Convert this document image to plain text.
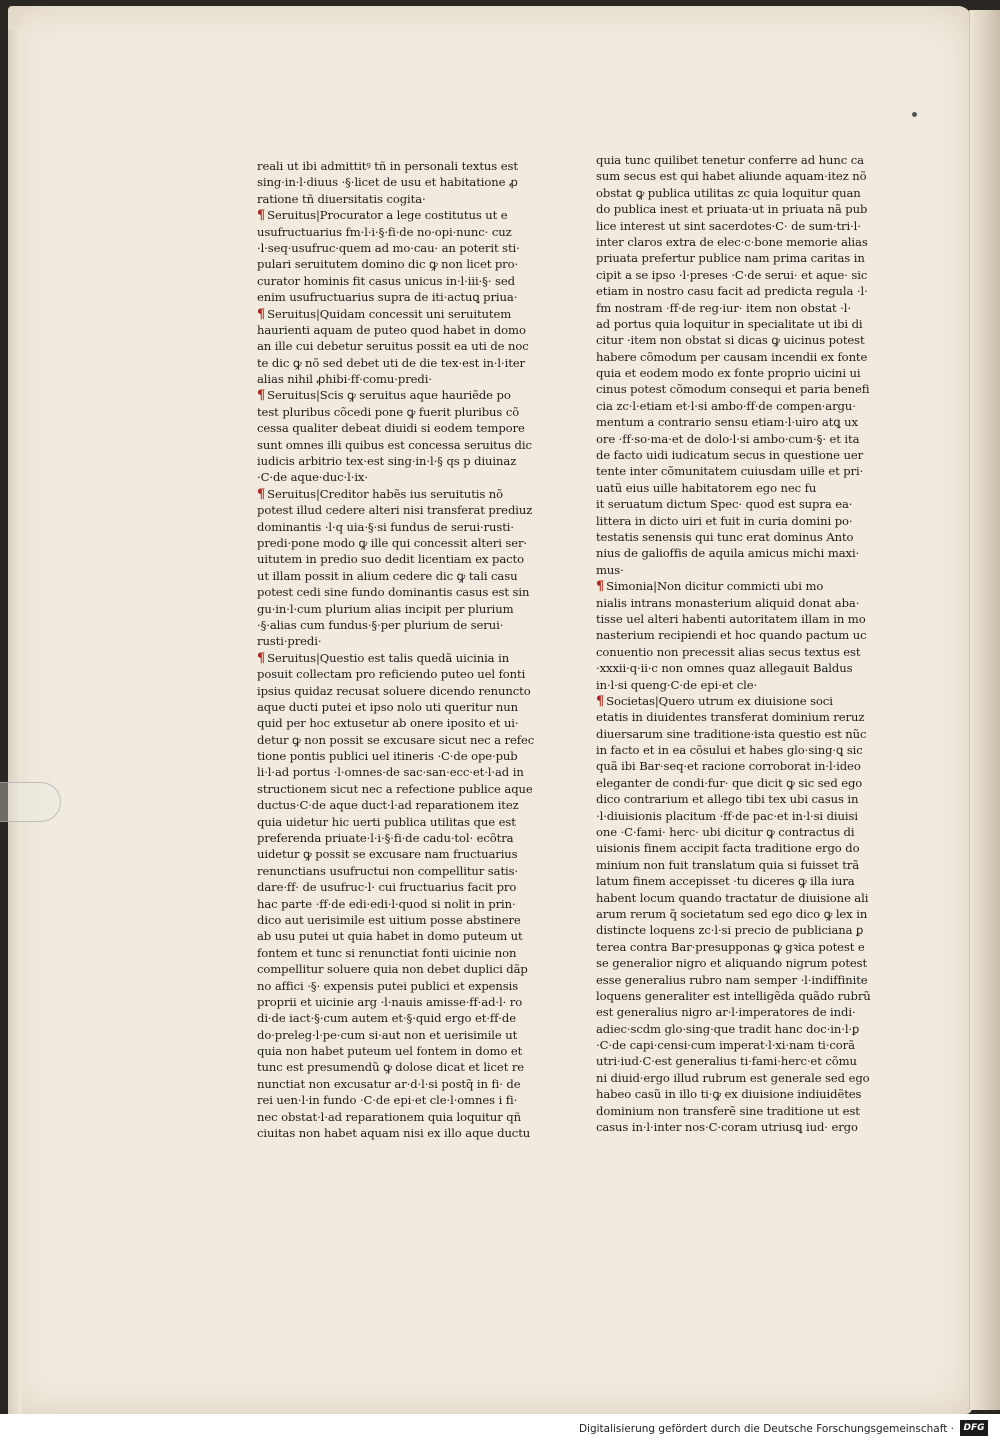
reali ut ibi admittitꝰ tñ in personali textus est
sing·in·l·diuus ·§·licet de usu et habitatione ꝓ
ratione tñ diuersitatis cogita·
¶ Seruitus|Procurator a lege costitutus ut e
usufructuarius fm·l·i·§·fi·de no·opi·nunc· cuz
·l·seq·usufruc·quem ad mo·cau· an poterit sti·
pulari seruitutem domino dic ꝙ non licet pro·
curator hominis fit casus unicus in·l·iii·§· sed
enim usufructuarius supra de iti·actuꝗ priua·
¶ Seruitus|Quidam concessit uni seruitutem
haurienti aquam de puteo quod habet in domo
an ille cui debetur seruitus possit ea uti de noc
te dic ꝙ nõ sed debet uti de die tex·est in·l·iter
alias nihil ꝓhibi·ff·comu·predi·
¶ Seruitus|Scis ꝙ seruitus aque hauriẽde po
test pluribus cõcedi pone ꝙ fuerit pluribus cõ
cessa qualiter debeat diuidi si eodem tempore
sunt omnes illi quibus est concessa seruitus dic
iudicis arbitrio tex·est sing·in·l·§ qs p diuinaz
·C·de aque·duc·l·ix·
¶ Seruitus|Creditor habẽs ius seruitutis nõ
potest illud cedere alteri nisi transferat prediuz
dominantis ·l·q uia·§·si fundus de serui·rusti·
predi·pone modo ꝙ ille qui concessit alteri ser·
uitutem in predio suo dedit licentiam ex pacto
ut illam possit in alium cedere dic ꝙ tali casu
potest cedi sine fundo dominantis casus est sin
gu·in·l·cum plurium alias incipit per plurium
·§·alias cum fundus·§·per plurium de serui·
rusti·predi·
¶ Seruitus|Questio est talis quedã uicinia in
posuit collectam pro reficiendo puteo uel fonti
ipsius quidaz recusat soluere dicendo renuncto
aque ducti putei et ipso nolo uti queritur nun
quid per hoc extusetur ab onere iposito et ui·
detur ꝙ non possit se excusare sicut nec a refec
tione pontis publici uel itineris ·C·de ope·pub
li·l·ad portus ·l·omnes·de sac·san·ecc·et·l·ad in
structionem sicut nec a refectione publice aque
ductus·C·de aque duct·l·ad reparationem itez
quia uidetur hic uerti publica utilitas que est
preferenda priuate·l·i·§·fi·de cadu·tol· ecõtra
uidetur ꝙ possit se excusare nam fructuarius
renunctians usufructui non compellitur satis·
dare·ff· de usufruc·l· cui fructuarius facit pro
hac parte ·ff·de edi·edi·l·quod si nolit in prin·
dico aut uerisimile est uitium posse abstinere
ab usu putei ut quia habet in domo puteum ut
fontem et tunc si renunctiat fonti uicinie non
compellitur soluere quia non debet duplici dãp
no affici ·§· expensis putei publici et expensis
proprii et uicinie arg ·l·nauis amisse·ff·ad·l· ro
di·de iact·§·cum autem et·§·quid ergo et·ff·de
do·preleg·l·pe·cum si·aut non et uerisimile ut
quia non habet puteum uel fontem in domo et
tunc est presumendũ ꝙ dolose dicat et licet re
nunctiat non excusatur ar·d·l·si postq̃ in fi· de
rei uen·l·in fundo ·C·de epi·et cle·l·omnes i fi·
nec obstat·l·ad reparationem quia loquitur qñ
ciuitas non habet aquam nisi ex illo aque ductu
quia tunc quilibet tenetur conferre ad hunc ca
sum secus est qui habet aliunde aquam·itez nõ
obstat ꝙ publica utilitas zc quia loquitur quan
do publica inest et priuata·ut in priuata nã pub
lice interest ut sint sacerdotes·C· de sum·tri·l·
inter claros extra de elec·c·bone memorie alias
priuata prefertur publice nam prima caritas in
cipit a se ipso ·l·preses ·C·de serui· et aque· sic
etiam in nostro casu facit ad predicta regula ·l·
fm nostram ·ff·de reg·iur· item non obstat ·l·
ad portus quia loquitur in specialitate ut ibi di
citur ·item non obstat si dicas ꝙ uicinus potest
habere cõmodum per causam incendii ex fonte
quia et eodem modo ex fonte proprio uicini ui
cinus potest cõmodum consequi et paria benefi
cia zc·l·etiam et·l·si ambo·ff·de compen·argu·
mentum a contrario sensu etiam·l·uiro atꝗ ux
ore ·ff·so·ma·et de dolo·l·si ambo·cum·§· et ita
de facto uidi iudicatum secus in questione uer
tente inter cõmunitatem cuiusdam uille et pri·
uatũ eius uille habitatorem ego nec fu
it seruatum dictum Spec· quod est supra ea·
littera in dicto uiri et fuit in curia domini po·
testatis senensis qui tunc erat dominus Anto
nius de galioffis de aquila amicus michi maxi·
mus·
¶ Simonia|Non dicitur commicti ubi mo
nialis intrans monasterium aliquid donat aba·
tisse uel alteri habenti autoritatem illam in mo
nasterium recipiendi et hoc quando pactum uc
conuentio non precessit alias secus textus est
·xxxii·q·ii·c non omnes quaz allegauit Baldus
in·l·si queng·C·de epi·et cle·
¶ Societas|Quero utrum ex diuisione soci
etatis in diuidentes transferat dominium reruz
diuersarum sine traditione·ista questio est nũc
in facto et in ea cõsului et habes glo·sing·ꝗ sic
quã ibi Bar·seq·et racione corroborat in·l·ideo
eleganter de condi·fur· que dicit ꝙ sic sed ego
dico contrarium et allego tibi tex ubi casus in
·l·diuisionis placitum ·ff·de pac·et in·l·si diuisi
one ·C·fami· herc· ubi dicitur ꝙ contractus di
uisionis finem accipit facta traditione ergo do
minium non fuit translatum quia si fuisset trã
latum finem accepisset ·tu diceres ꝙ illa iura
habent locum quando tractatur de diuisione ali
arum rerum q̃ societatum sed ego dico ꝙ lex in
distincte loquens zc·l·si precio de publiciana ꝑ
terea contra Bar·presupponas ꝙ gꝛica potest e
se generalior nigro et aliquando nigrum potest
esse generalius rubro nam semper ·l·indiffinite
loquens generaliter est intelligẽda quãdo rubrũ
est generalius nigro ar·l·imperatores de indi·
adiec·scdm glo·sing·que tradit hanc doc·in·l·ꝑ
·C·de capi·censi·cum imperat·l·xi·nam ti·corã
utri·iud·C·est generalius ti·fami·herc·et cõmu
ni diuid·ergo illud rubrum est generale sed ego
habeo casũ in illo ti·ꝙ ex diuisione indiuidẽtes
dominium non transferẽ sine traditione ut est
casus in·l·inter nos·C·coram utriusꝗ iud· ergo
Digitalisierung gefördert durch die Deutsche Forschungsgemeinschaft ·	DFG
